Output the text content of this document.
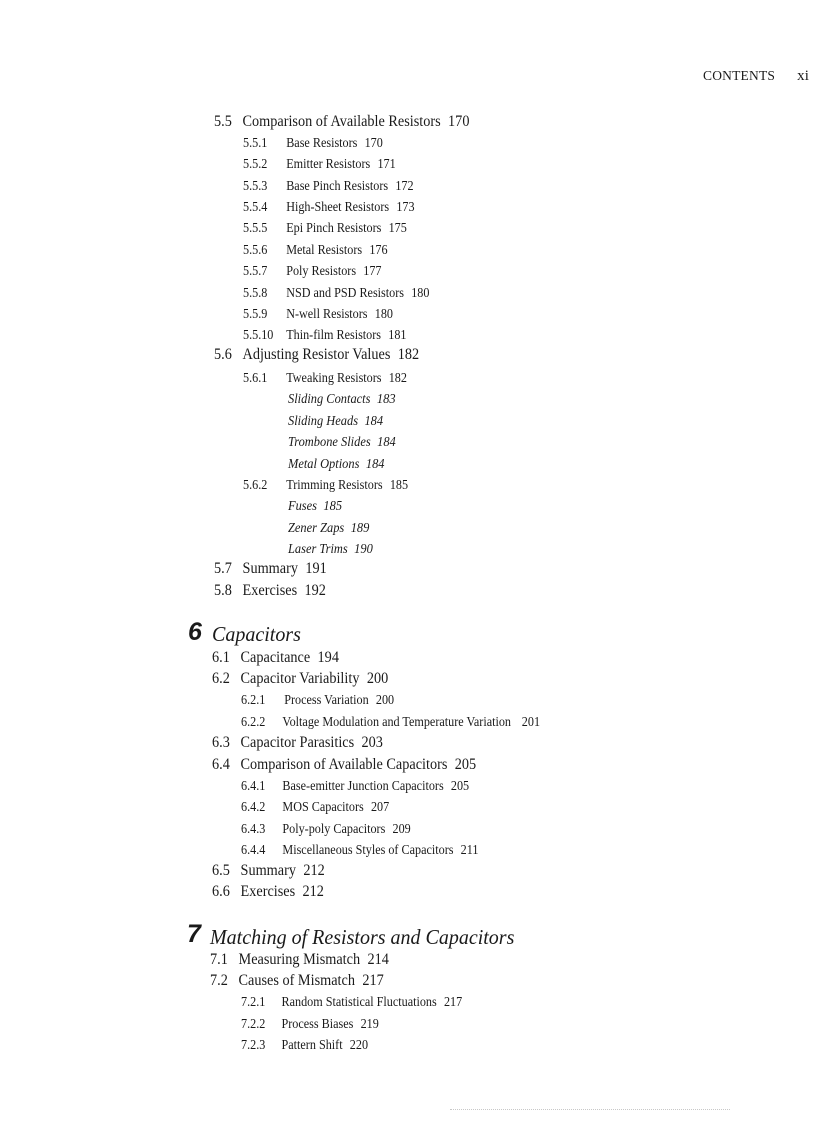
CONTENTS xi
5.5 Comparison of Available Resistors 170
5.5.1 Base Resistors 170
5.5.2 Emitter Resistors 171
5.5.3 Base Pinch Resistors 172
5.5.4 High-Sheet Resistors 173
5.5.5 Epi Pinch Resistors 175
5.5.6 Metal Resistors 176
5.5.7 Poly Resistors 177
5.5.8 NSD and PSD Resistors 180
5.5.9 N-well Resistors 180
5.5.10 Thin-film Resistors 181
5.6 Adjusting Resistor Values 182
5.6.1 Tweaking Resistors 182
Sliding Contacts 183
Sliding Heads 184
Trombone Slides 184
Metal Options 184
5.6.2 Trimming Resistors 185
Fuses 185
Zener Zaps 189
Laser Trims 190
5.7 Summary 191
5.8 Exercises 192
6 Capacitors
6.1 Capacitance 194
6.2 Capacitor Variability 200
6.2.1 Process Variation 200
6.2.2 Voltage Modulation and Temperature Variation 201
6.3 Capacitor Parasitics 203
6.4 Comparison of Available Capacitors 205
6.4.1 Base-emitter Junction Capacitors 205
6.4.2 MOS Capacitors 207
6.4.3 Poly-poly Capacitors 209
6.4.4 Miscellaneous Styles of Capacitors 211
6.5 Summary 212
6.6 Exercises 212
7 Matching of Resistors and Capacitors
7.1 Measuring Mismatch 214
7.2 Causes of Mismatch 217
7.2.1 Random Statistical Fluctuations 217
7.2.2 Process Biases 219
7.2.3 Pattern Shift 220
